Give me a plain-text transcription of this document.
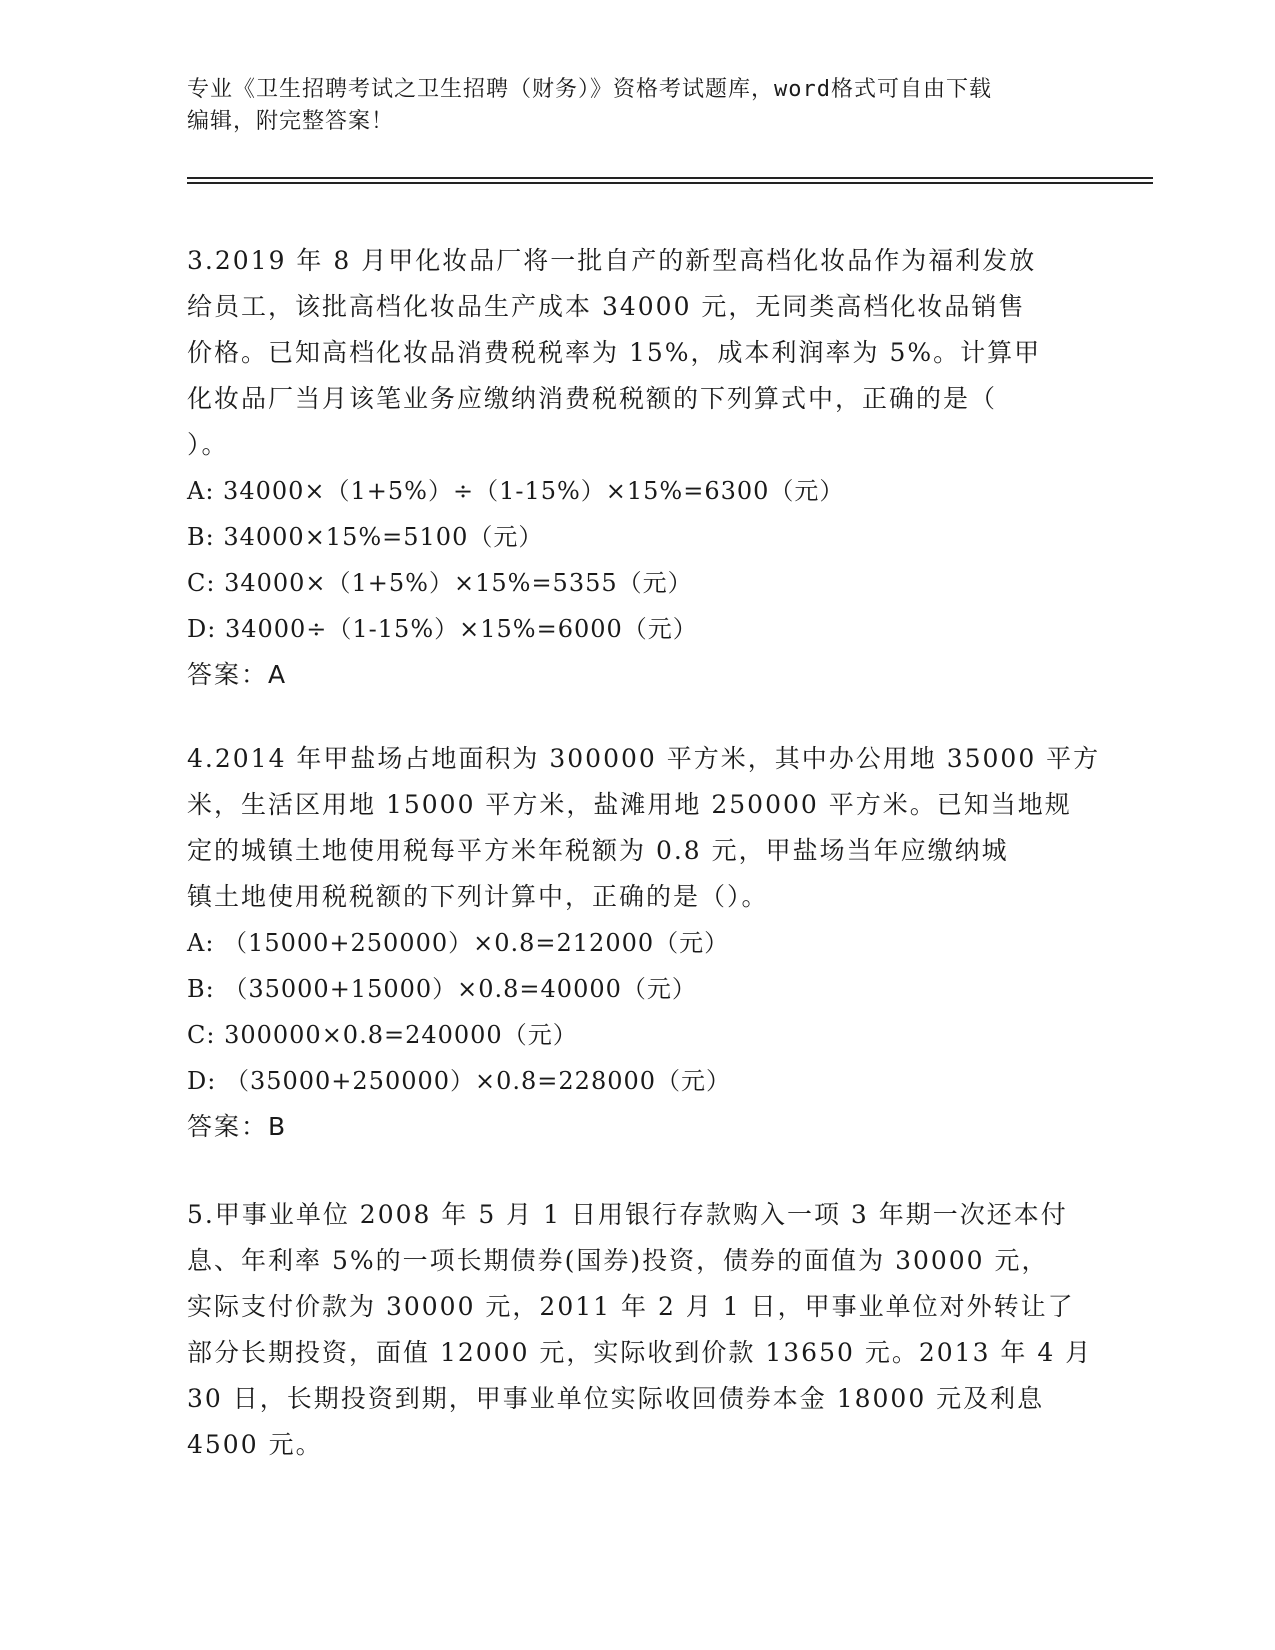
专业《卫生招聘考试之卫生招聘（财务）》资格考试题库，word格式可自由下载
编辑，附完整答案！
3.2019 年 8 月甲化妆品厂将一批自产的新型高档化妆品作为福利发放
给员工，该批高档化妆品生产成本 34000 元，无同类高档化妆品销售
价格。已知高档化妆品消费税税率为 15%，成本利润率为 5%。计算甲
化妆品厂当月该笔业务应缴纳消费税税额的下列算式中，正确的是（
）。
A: 34000×（1+5%）÷（1-15%）×15%=6300（元）
B: 34000×15%=5100（元）
C: 34000×（1+5%）×15%=5355（元）
D: 34000÷（1-15%）×15%=6000（元）
答案：A
4.2014 年甲盐场占地面积为 300000 平方米，其中办公用地 35000 平方
米，生活区用地 15000 平方米，盐滩用地 250000 平方米。已知当地规
定的城镇土地使用税每平方米年税额为 0.8 元，甲盐场当年应缴纳城
镇土地使用税税额的下列计算中，正确的是（）。
A: （15000+250000）×0.8=212000（元）
B: （35000+15000）×0.8=40000（元）
C: 300000×0.8=240000（元）
D: （35000+250000）×0.8=228000（元）
答案：B
5.甲事业单位 2008 年 5 月 1 日用银行存款购入一项 3 年期一次还本付
息、年利率 5%的一项长期债券(国券)投资，债券的面值为 30000 元，
实际支付价款为 30000 元，2011 年 2 月 1 日，甲事业单位对外转让了
部分长期投资，面值 12000 元，实际收到价款 13650 元。2013 年 4 月
30 日，长期投资到期，甲事业单位实际收回债券本金 18000 元及利息
4500 元。
